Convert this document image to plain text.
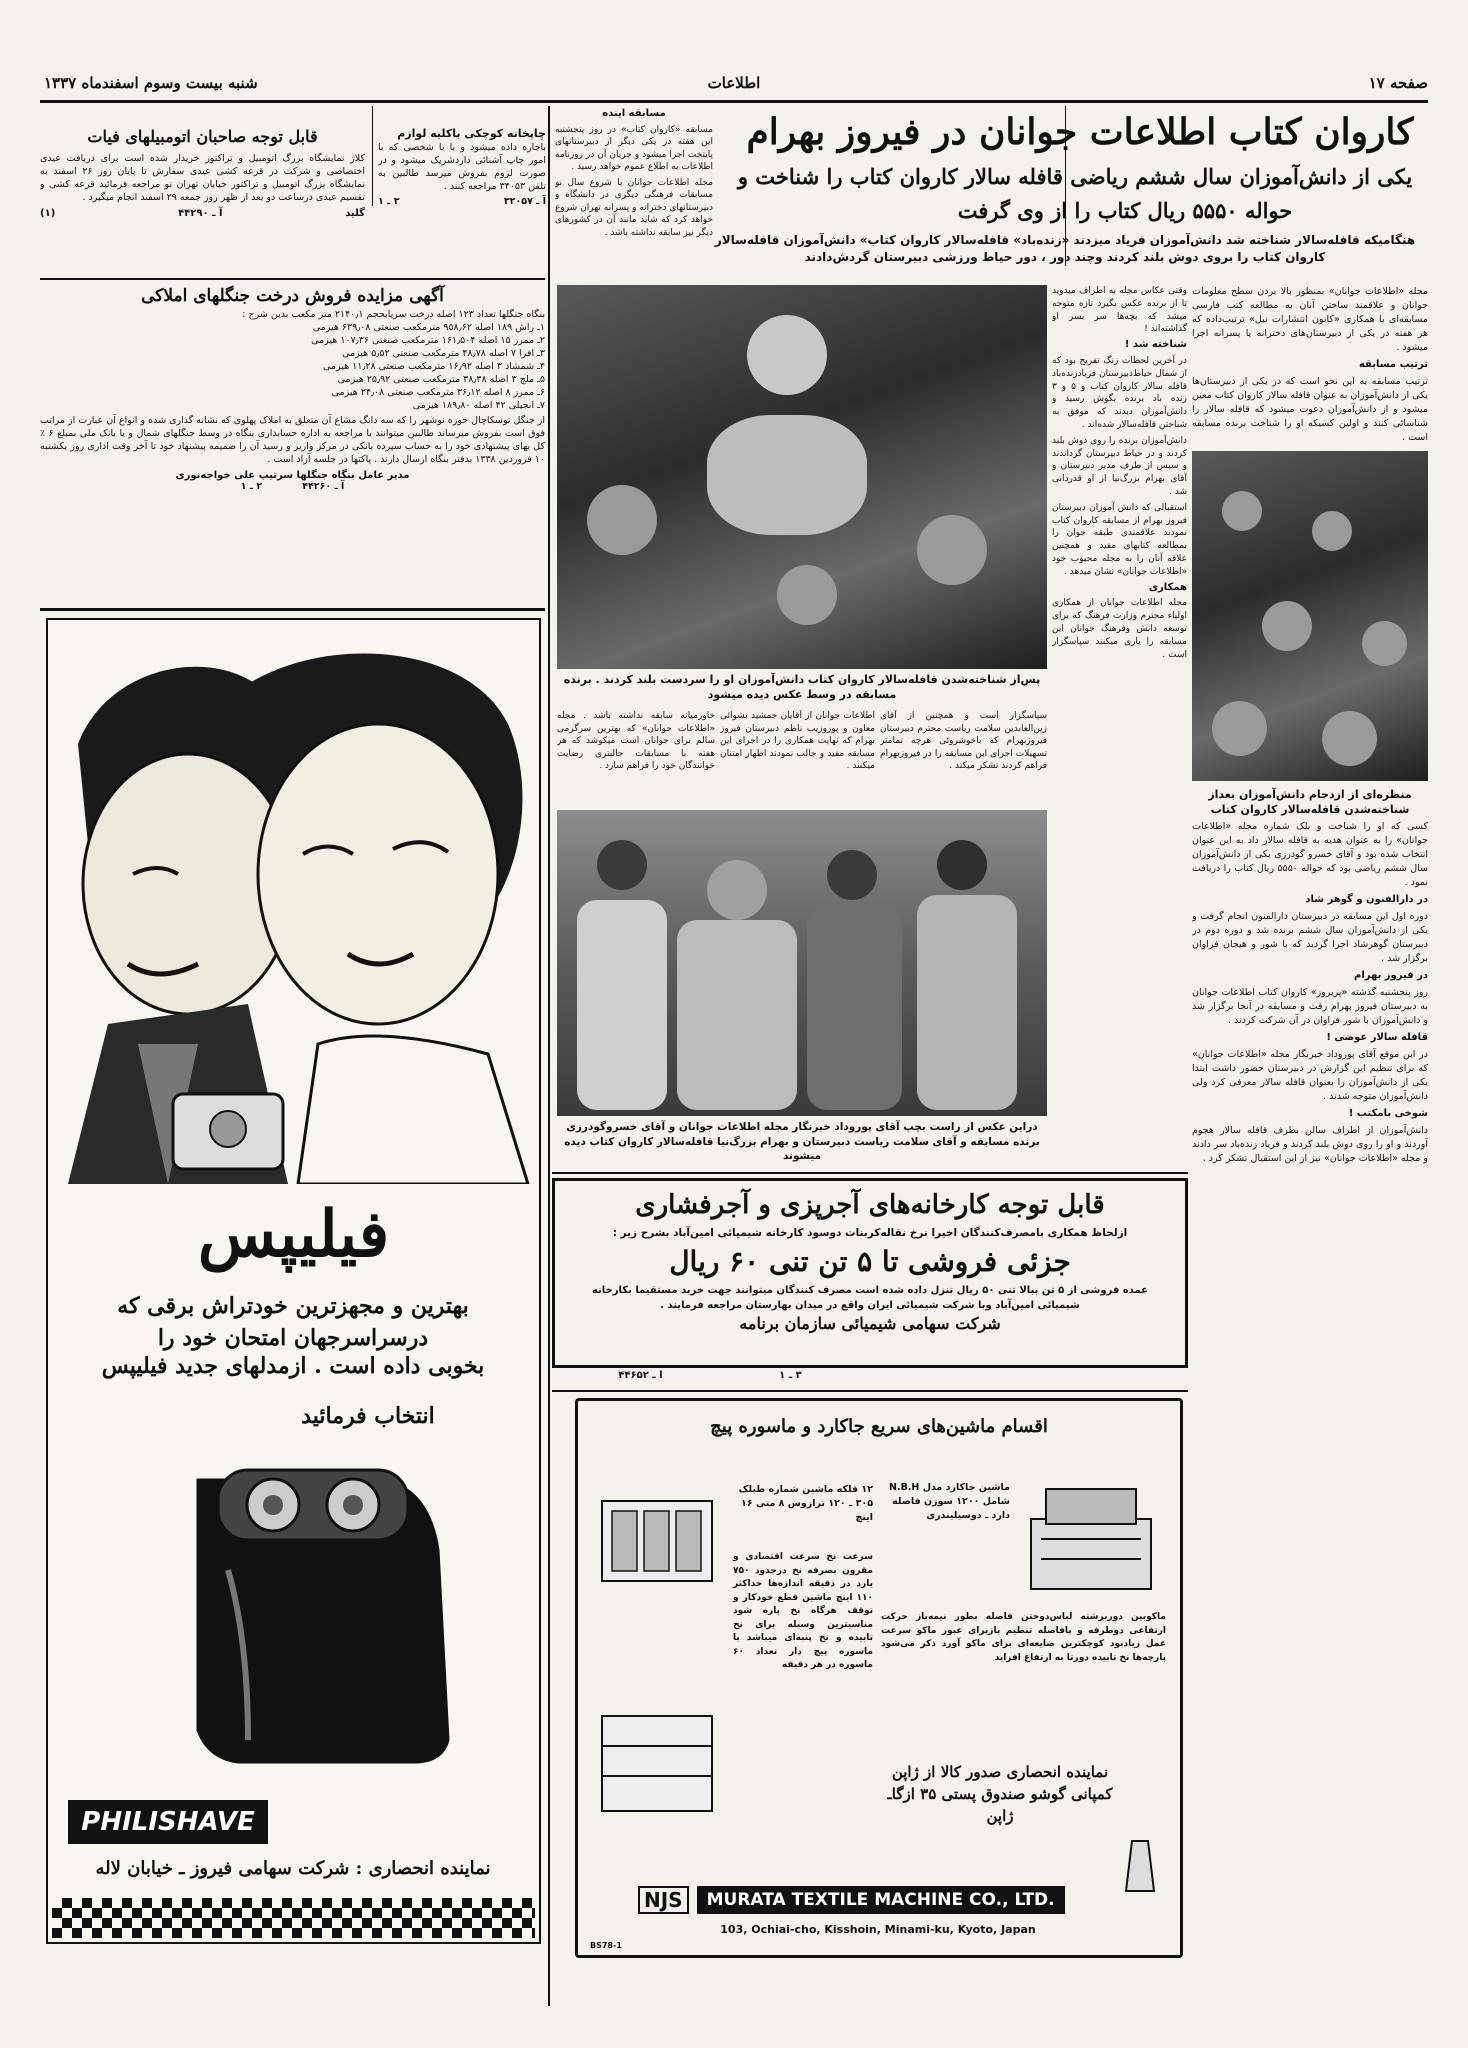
صفحه ۱۷
اطلاعات
شنبه بیست وسوم اسفندماه ۱۳۳۷
کاروان کتاب اطلاعات جوانان در فیروز بهرام
یکی از دانش‌آموزان سال ششم ریاضی قافله سالار کاروان کتاب را شناخت و
حواله ۵۵۵۰ ریال کتاب را از وی گرفت
هنگامیکه قافله‌سالار شناخته شد دانش‌آموزان فریاد میزدند «زنده‌باد» قافله‌سالار کاروان کتاب» دانش‌آموزان قافله‌سالار کاروان کتاب را بروی دوش بلند کردند وچند دور ، دور حیاط ورزشی دبیرستان گردش‌دادند

مسابقه آینده

مسابقه «کاروان کتاب» در روز پنجشنبه این هفته در یکی دیگر از دبیرستانهای پایتخت اجرا میشود و جریان آن در روزنامه اطلاعات به اطلاع عموم خواهد رسید .

مجله اطلاعات جوانان با شروع سال نو مسابقات فرهنگی دیگری در دانشگاه و دبیرستانهای دخترانه و پسرانه تهران شروع خواهد کرد که شاید مانند آن در کشورهای دیگر نیز سابقه نداشته باشد .

پس‌از شناخته‌شدن قافله‌سالار کاروان کتاب دانش‌آموزان او را سردست بلند کردند . برنده مسابقه در وسط عکس دیده میشود

وقتی عکاس مجله به اطراف میدوید تا از برنده عکس بگیرد تازه متوجه میشد که بچه‌ها سر بسر او گذاشته‌اند !

شناخته شد !

در آخرین لحظات زنگ تفریح بود که از شمال حیاط‌دبیرستان فریادزنده‌باد قافله سالار کاروان کتاب و ۵ و ۳ زنده باد برنده بگوش رسید و دانش‌آموزان دیدند که موفق به شناختن قافله‌سالار شده‌اند .

دانش‌آموزان برنده را روی دوش بلند کردند و در حیاط دبیرستان گرداندند و سپس از طرف مدیر دبیرستان و آقای بهرام بزرگ‌نیا از او قدردانی شد .

استقبالی که دانش آموزان دبیرستان فیروز بهرام از مسابقه کاروان کتاب نمودند علاقمندی طبقه جوان را بمطالعه کتابهای مفید و همچنین علاقه آنان را به مجله محبوب خود «اطلاعات جوانان» نشان میدهد .

همکاری

مجله اطلاعات جوانان از همکاری اولیاء محترم وزارت فرهنگ که برای توسعه دانش وفرهنگ جوانان این مسابقه را یاری میکنند سپاسگزار است .

مجله «اطلاعات جوانان» بمنظور بالا بردن سطح معلومات جوانان و علاقمند ساختن آنان به مطالعه کتب فارسی مسابقه‌ای با همکاری «کانون انتشارات نیل» ترتیب‌داده که هر هفته در یکی از دبیرستان‌های دخترانه یا پسرانه اجرا میشود .

ترتیب مسابقه

ترتیب مسابقه به این نحو است که در یکی از دبیرستان‌ها یکی از دانش‌آموزان به عنوان قافله سالار کاروان کتاب معین میشود و از دانش‌آموزان دعوت میشود که قافله سالار را شناسائی کنند و اولین کسیکه او را شناخت برنده مسابقه است .

منظره‌ای از ازدحام دانش‌آموزان بعداز شناخته‌شدن قافله‌سالار کاروان کتاب

کسی که او را شناخت و بلک شماره مجله «اطلاعات جوانان» را به عنوان هدیه به قافله سالار داد به این عنوان انتخاب شده بود و آقای خسرو گودرزی یکی از دانش‌آموزان سال ششم ریاضی بود که حواله ۵۵۵۰ ریال کتاب را دریافت نمود .

در دارالفنون و گوهر شاد

دوره اول این مسابقه در دبیرستان دارالفنون انجام گرفت و یکی از دانش‌آموزان سال ششم برنده شد و دوره دوم در دبیرستان گوهرشاد اجرا گردید که با شور و هیجان فراوان برگزار شد .

در فیروز بهرام

روز پنجشنبه گذشته «پریروز» کاروان کتاب اطلاعات جوانان به دبیرستان فیروز بهرام رفت و مسابقه در آنجا برگزار شد و دانش‌آموزان با شور فراوان در آن شرکت کردند .

قافله سالار عوضی !

در این موقع آقای پوروداد خبرنگار مجله «اطلاعات جوانان» که برای تنظیم این گزارش در دبیرستان حضور داشت ابتدا یکی از دانش‌آموزان را بعنوان قافله سالار معرفی کرد ولی دانش‌آموزان متوجه شدند .

شوخی بامکتب !

دانش‌آموزان از اطراف سالن بطرف قافله سالار هجوم آوردند و او را روی دوش بلند کردند و فریاد زنده‌باد سر دادند و مجله «اطلاعات جوانان» نیز از این استقبال تشکر کرد .

سپاسگزار است و همچنین از آقای زین‌العابدین سلامت ریاست محترم دبیرستان فیروزبهرام که باخوشروئی هرچه تمامتر تسهیلات اجرای این مسابقه را در فیروزبهرام فراهم کردند تشکر میکند .
اطلاعات جوانان از آقایان جمشید بشوائی معاون و پوروزیب ناظم دبیرستان فیروز بهرام که نهایت همکاری را در اجرای این مسابقه مفید و جالب نمودند اظهار امتنان میکنند .
خاورمیانه سابقه نداشته باشد . مجله «اطلاعات جوانان» که بهترین سرگرمی سالم برای جوانان است میکوشد که هر هفته با مسابقات جالبتری رضایت خوانندگان خود را فراهم سازد .
دراین عکس از راست بچپ آقای پوروداد خبرنگار مجله اطلاعات جوانان و آقای خسروگودرزی برنده مسابقه و آقای سلامت ریاست دبیرستان و بهرام بزرگ‌نیا قافله‌سالار کاروان کتاب دیده میشوند
قابل توجه صاحبان اتومبیلهای فیات
کلاژ نمایشگاه بزرگ اتومبیل و تراکتور خریدار شده است برای دریافت عیدی اختصاصی و شرکت در قرعه کشی عیدی سفارش تا پایان روز ۲۶ اسفند به نمایشگاه بزرگ اتومبیل و تراکتور خیابان تهران نو مراجعه فرمائید قرعه کشی و تقسیم عیدی درساعت دو بعد از ظهر روز جمعه ۲۹ اسفند انجام میگیرد .
گلید
آ ـ ۴۴۲۹۰
(۱)
چاپخانه کوچکی باکلیه لوازم
باجاره داده میشود و یا با شخصی که با امور چاپ آشنائی داردشریک میشود و در صورت لزوم بفروش میرسد طالبین به تلفن ۳۴۰۵۳ مراجعه کنند .
آ ـ ۳۲۰۵۷
۳ ـ ۱
آگهی مزایده فروش درخت جنگلهای املاکی
بنگاه جنگلها تعداد ۱۲۳ اصله درخت سرپابحجم ۲۱۴۰٫۱ متر مکعب بدین شرح :
۱ـ راش ۱۸۹ اصله ۹۵۸٫۶۲ مترمکعب صنعتی ۶۳۹٫۰۸ هیزمی
۲ـ ممرز ۱۵ اصله ۱۶۱٫۵۰۴ مترمکعب صنعتی ۱۰۷٫۳۶ هیزمی
۳ـ افرا ۷ اصله ۴۸٫۷۸ مترمکعب صنعتی ۵٫۵۲ هیزمی
۴ـ شمشاد ۳ اصله ۱۶٫۹۲ مترمکعب صنعتی ۱۱٫۲۸ هیزمی
۵ـ ملچ ۳ اصله ۳۸٫۳۸ مترمکعب صنعتی ۲۵٫۹۲ هیزمی
۶ـ ممرز ۸ اصله ۳۶٫۱۲ مترمکعب صنعتی ۲۴٫۰۸ هیزمی
۷ـ انجیلی ۴۲ اصله ۱۸۹٫۸۰ هیزمی
از جنگل توسکاچال حوزه نوشهر را که سه دانگ مشاع آن متعلق به املاک پهلوی که نشانه گذاری شده و انواع آن عبارت از مراتب فوق است بفروش میرساند طالبین میتوانند با مراجعه به اداره حسابداری بنگاه در وسط جنگلهای شمال و یا بانک ملی بمبلغ ۶ ٪ کل بهای پیشنهادی خود را به حساب سپرده بانکی در مرکز واریز و رسید آن را ضمیمه پیشنهاد خود تا آخر وقت اداری روز یکشنبه ۱۰ فروردین ۱۳۳۸ بدفتر بنگاه ارسال دارند . پاکتها در جلسه آزاد است .
مدیر عامل بنگاه جنگلها سرتیپ علی خواجه‌نوری
آ ـ ۴۴۲۶۰
۲ ـ ۱
فیلیپس
بهترین و مجهزترین خودتراش برقی که درسراسرجهان امتحان خود را
بخوبی داده است . ازمدلهای جدید فیلیپس
انتخاب فرمائید
PHILISHAVE
نماینده انحصاری : شرکت سهامی فیروز ـ خیابان لاله
قابل توجه کارخانه‌های آجرپزی و آجرفشاری
ازلحاظ همکاری بامصرف‌کنندگان اخیرا نرخ نقاله‌کربنات دوسود کارخانه شیمیائی امین‌آباد بشرح زیر :
جزئی فروشی تا ۵ تن تنی ۶۰ ریال
عمده فروشی از ۵ تن ببالا تنی ۵۰ ریال تنزل داده شده است مصرف کنندگان میتوانند جهت خرید مستقیما بکارخانه شیمیائی امین‌آباد وبا شرکت شیمیائی ایران واقع در میدان بهارستان مراجعه فرمایند .
شرکت سهامی شیمیائی سازمان برنامه
۳ ـ ۱
آ ـ ۴۴۶۵۲
اقسام ماشین‌های سریع جاکارد و ماسوره پیچ
ماشین جاکارد مدل N.B.H شامل ۱۲۰۰ سوزن فاصله دارد ـ دوسیلیندری
ماکوبین دوربرشته لباس‌دوختن فاصله بطور نیمه‌باز حرکت ارتفاعی دوطرفه و بافاصله تنظیم بازیرای عبور ماکو سرعت عمل زیادبود کوچکترین ضایعه‌ای برای ماکو آورد ذکر می‌شود پارچه‌ها نخ تابیده‌ دورتا‌ به‌ ارتفاع‌ افزاید
۱۲ فلکه ماشین شماره طبلک ۳۰۵ ـ ۱۲۰ ترازوس ۸ متی ۱۶ اینچ
سرعت نخ سرعت اقتصادی و مقرون بصرفه نخ درجدود ۷۵۰ یارد در دقیقه اندازه‌ها حداکثر ۱۱۰ اینچ ماشین قطع خودکار و توقف هرگاه نخ پاره شود مناسبترین وسیله برای نخ تابیده و نخ پنبه‌ای میباشد با ماسوره پیچ دار تعداد ۶۰ ماسوره در هر دقیقه
نماینده انحصاری صدور کالا از ژاپن کمپانی گوشو صندوق پستی ۳۵ ازگاـ ژاپن
NJS	MURATA TEXTILE MACHINE CO., LTD.
103, Ochiai-cho, Kisshoin, Minami-ku, Kyoto, Japan
BS78-1
